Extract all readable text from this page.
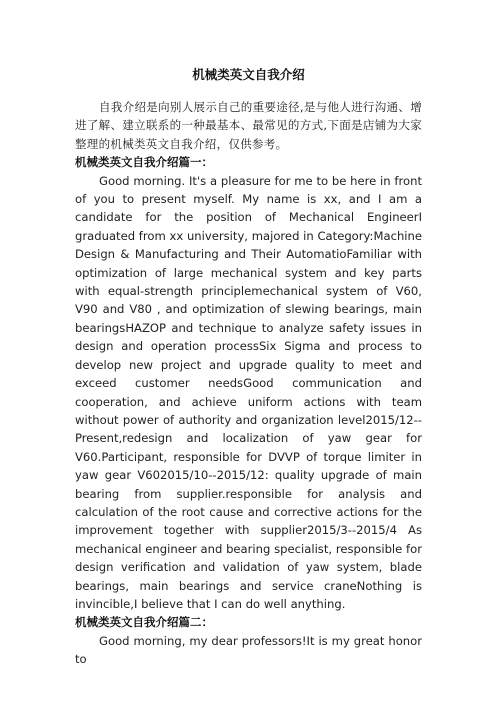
机械类英文自我介绍

自我介绍是向别人展示自己的重要途径,是与他人进行沟通、增进了解、建立联系的一种最基本、最常见的方式,下面是店铺为大家整理的机械类英文自我介绍，仅供参考。

机械类英文自我介绍篇一：

Good morning. It's a pleasure for me to be here in front of you to present myself. My name is xx, and I am a candidate for the position of Mechanical EngineerI graduated from xx university, majored in Category:Machine Design & Manufacturing and Their AutomatioFamiliar with optimization of large mechanical system and key parts with equal-strength principlemechanical system of V60, V90 and V80 , and optimization of slewing bearings, main bearingsHAZOP and technique to analyze safety issues in design and operation processSix Sigma and process to develop new project and upgrade quality to meet and exceed customer needsGood communication and cooperation, and achieve uniform actions with team without power of authority and organization level2015/12--Present,redesign and localization of yaw gear for V60.Participant, responsible for DVVP of torque limiter in yaw gear V602015/10--2015/12: quality upgrade of main bearing from supplier.responsible for analysis and calculation of the root cause and corrective actions for the improvement together with supplier2015/3--2015/4 As mechanical engineer and bearing specialist, responsible for design verification and validation of yaw system, blade bearings, main bearings and service craneNothing is invincible,I believe that I can do well anything.

机械类英文自我介绍篇二：

Good morning, my dear professors!It is my great honor to
